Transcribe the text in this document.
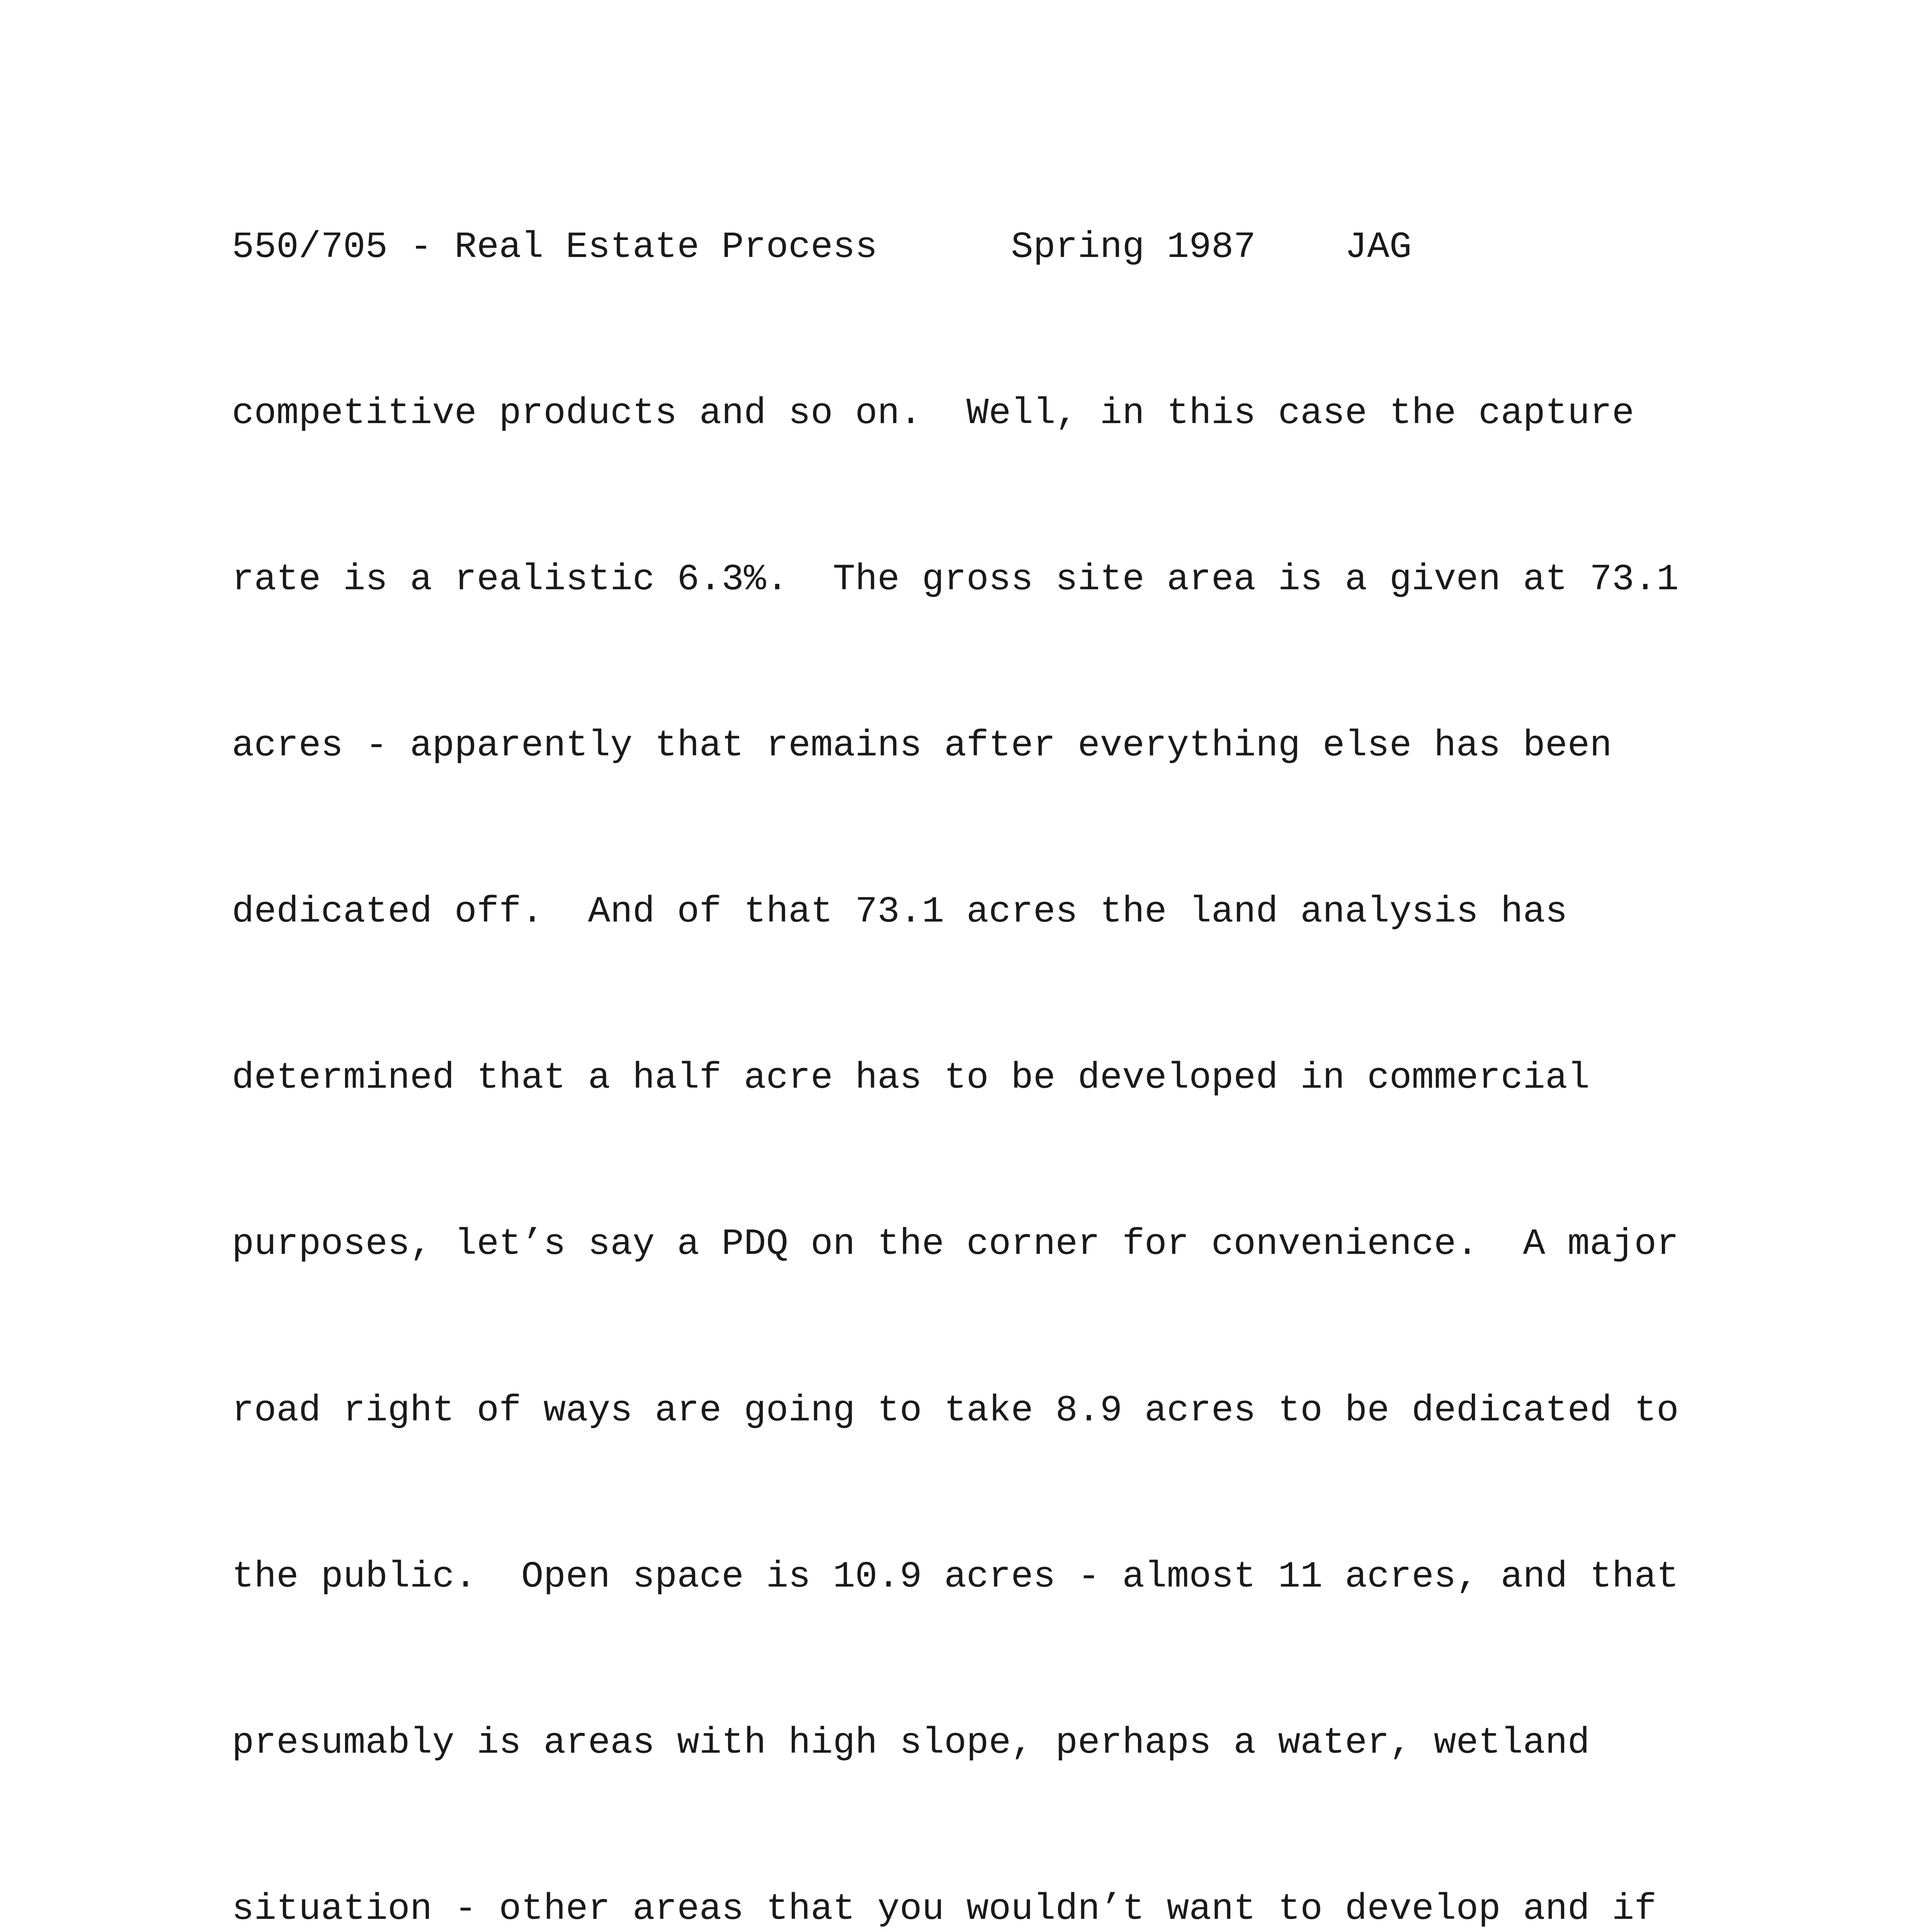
550/705 - Real Estate Process      Spring 1987    JAG

competitive products and so on.  Well, in this case the capture

rate is a realistic 6.3%.  The gross site area is a given at 73.1

acres - apparently that remains after everything else has been

dedicated off.  And of that 73.1 acres the land analysis has

determined that a half acre has to be developed in commercial

purposes, let’s say a PDQ on the corner for convenience.  A major

road right of ways are going to take 8.9 acres to be dedicated to

the public.  Open space is 10.9 acres - almost 11 acres, and that

presumably is areas with high slope, perhaps a water, wetland

situation - other areas that you wouldn’t want to develop and if
